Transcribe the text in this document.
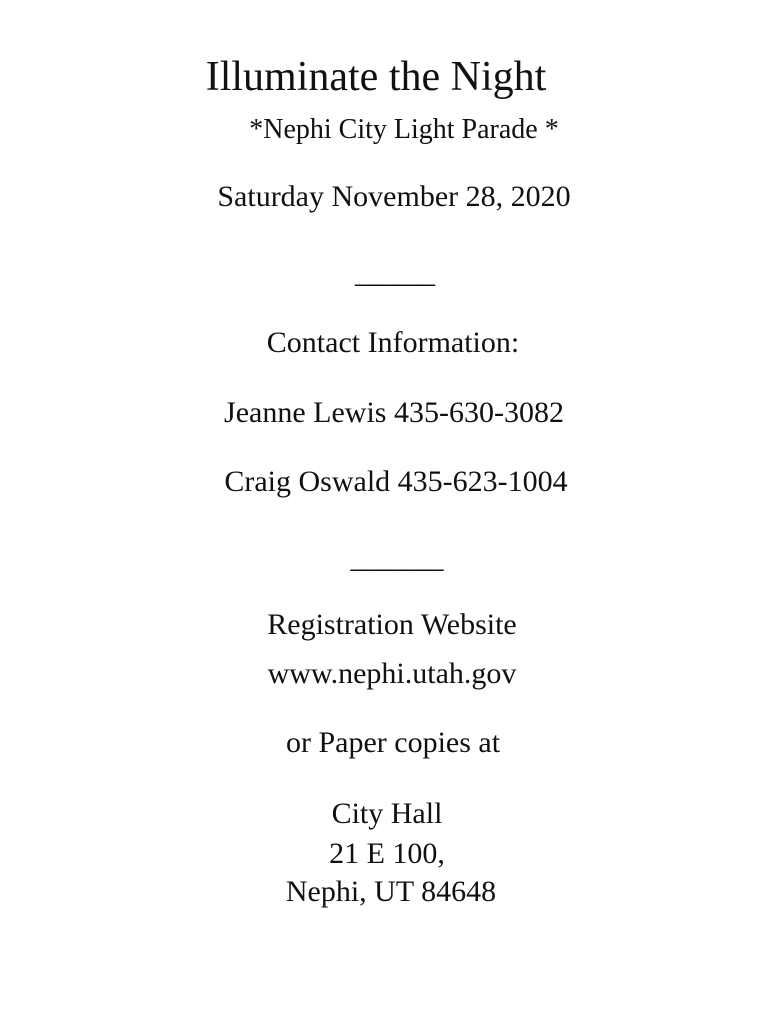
Illuminate the Night
*Nephi City Light Parade *
Saturday November 28, 2020
______
Contact Information:
Jeanne Lewis 435-630-3082
Craig Oswald 435-623-1004
_______
Registration Website
www.nephi.utah.gov
or Paper copies at
City Hall
21 E 100,
Nephi, UT 84648
